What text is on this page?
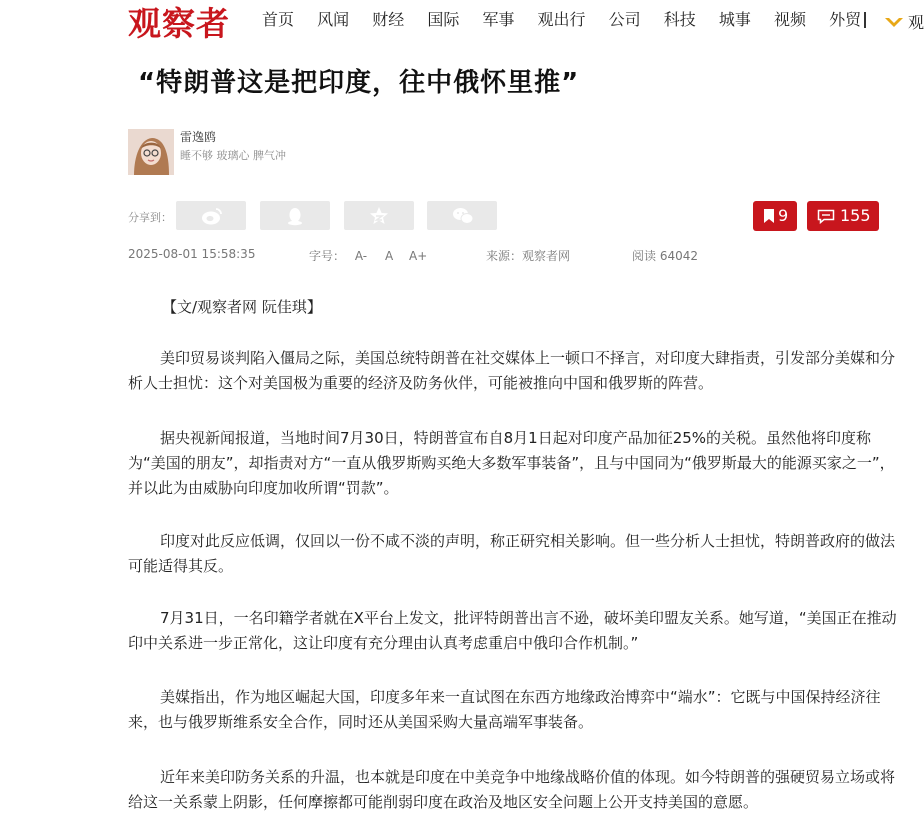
观察者 首页 风闻 财经 国际 军事 观出行 公司 科技 城事 视频 外贸	观
“特朗普这是把印度，往中俄怀里推”
雷逸鸥
睡不够 玻璃心 脾气冲
分享到：	9	155
2025-08-01 15:58:35	字号： A- A A+	来源：观察者网	阅读 64042
【文/观察者网 阮佳琪】

美印贸易谈判陷入僵局之际，美国总统特朗普在社交媒体上一顿口不择言，对印度大肆指责，引发部分美媒和分析人士担忧：这个对美国极为重要的经济及防务伙伴，可能被推向中国和俄罗斯的阵营。

据央视新闻报道，当地时间7月30日，特朗普宣布自8月1日起对印度产品加征25%的关税。虽然他将印度称为“美国的朋友”，却指责对方“一直从俄罗斯购买绝大多数军事装备”，且与中国同为“俄罗斯最大的能源买家之一”，并以此为由威胁向印度加收所谓“罚款”。

印度对此反应低调，仅回以一份不咸不淡的声明，称正研究相关影响。但一些分析人士担忧，特朗普政府的做法可能适得其反。

7月31日，一名印籍学者就在X平台上发文，批评特朗普出言不逊，破坏美印盟友关系。她写道，“美国正在推动印中关系进一步正常化，这让印度有充分理由认真考虑重启中俄印合作机制。”

美媒指出，作为地区崛起大国，印度多年来一直试图在东西方地缘政治博弈中“端水”：它既与中国保持经济往来，也与俄罗斯维系安全合作，同时还从美国采购大量高端军事装备。

近年来美印防务关系的升温，也本就是印度在中美竞争中地缘战略价值的体现。如今特朗普的强硬贸易立场或将给这一关系蒙上阴影，任何摩擦都可能削弱印度在政治及地区安全问题上公开支持美国的意愿。
